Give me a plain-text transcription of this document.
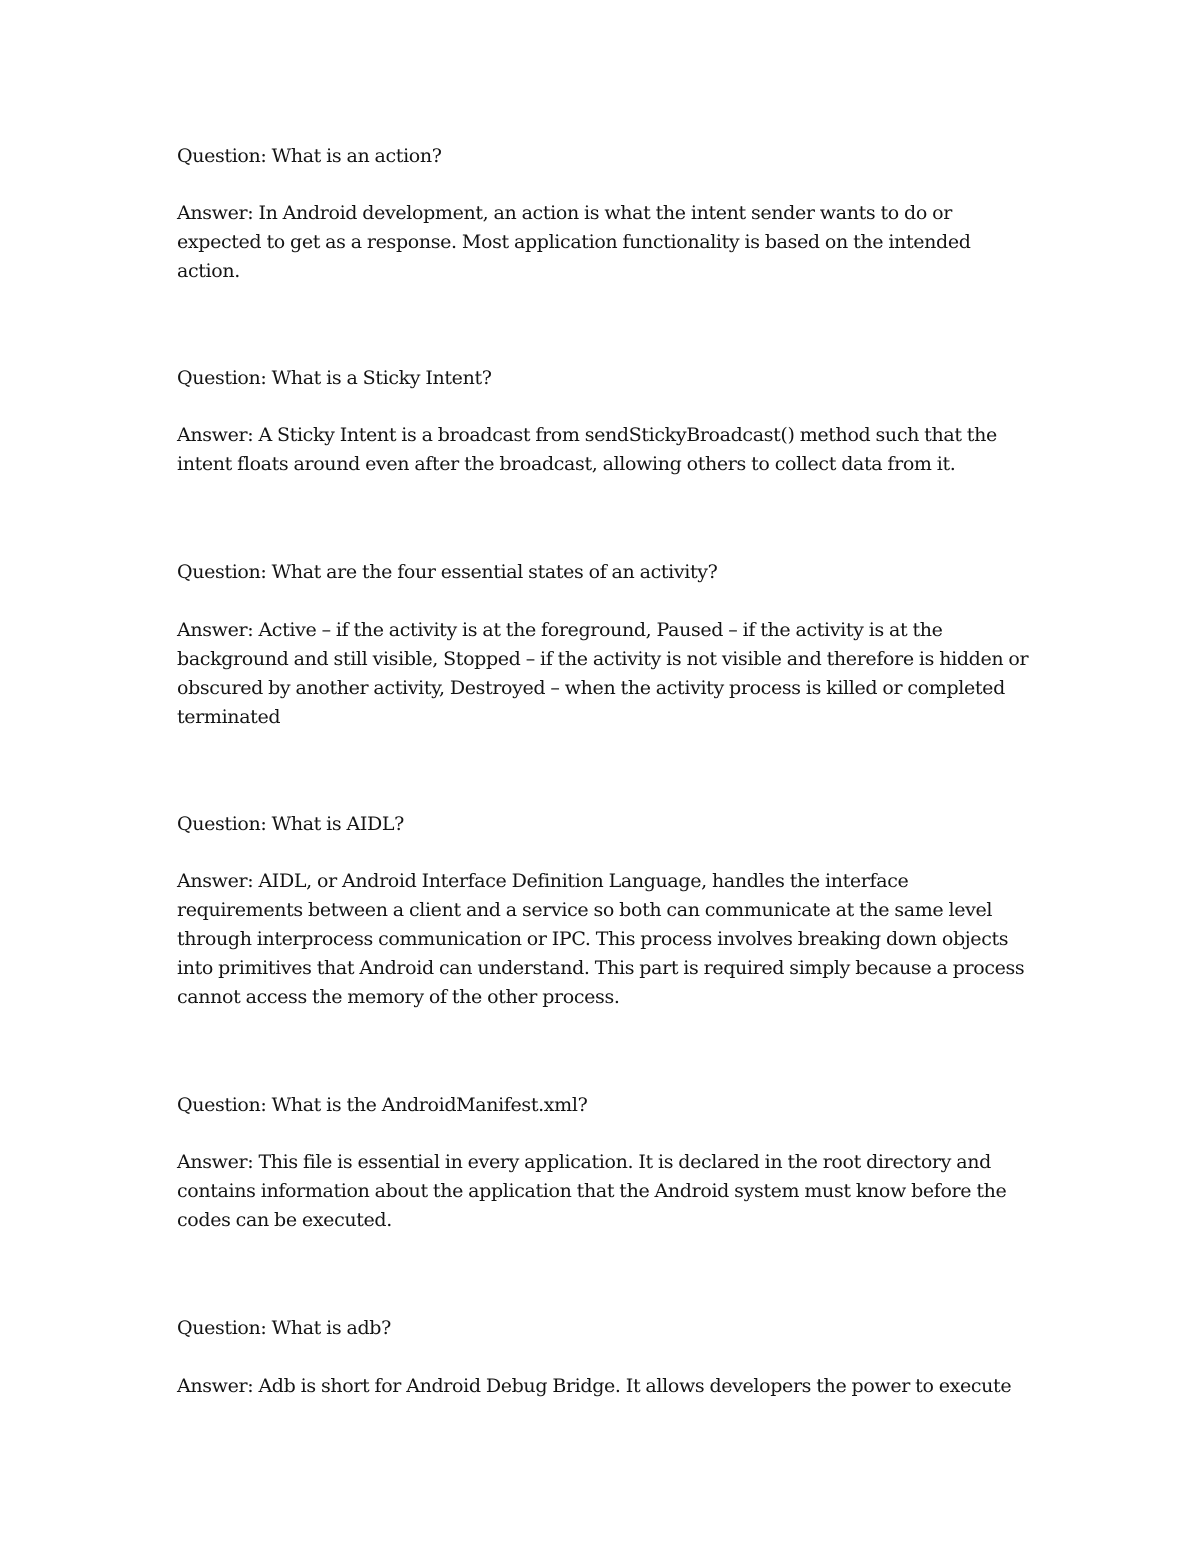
Question: What is an action?

Answer: In Android development, an action is what the intent sender wants to do or expected to get as a response. Most application functionality is based on the intended action.

Question: What is a Sticky Intent?

Answer: A Sticky Intent is a broadcast from sendStickyBroadcast() method such that the intent floats around even after the broadcast, allowing others to collect data from it.

Question: What are the four essential states of an activity?

Answer: Active – if the activity is at the foreground, Paused – if the activity is at the background and still visible, Stopped – if the activity is not visible and therefore is hidden or obscured by another activity, Destroyed – when the activity process is killed or completed terminated

Question: What is AIDL?

Answer: AIDL, or Android Interface Definition Language, handles the interface requirements between a client and a service so both can communicate at the same level through interprocess communication or IPC. This process involves breaking down objects into primitives that Android can understand. This part is required simply because a process cannot access the memory of the other process.

Question: What is the AndroidManifest.xml?

Answer: This file is essential in every application. It is declared in the root directory and contains information about the application that the Android system must know before the codes can be executed.

Question: What is adb?

Answer: Adb is short for Android Debug Bridge. It allows developers the power to execute
